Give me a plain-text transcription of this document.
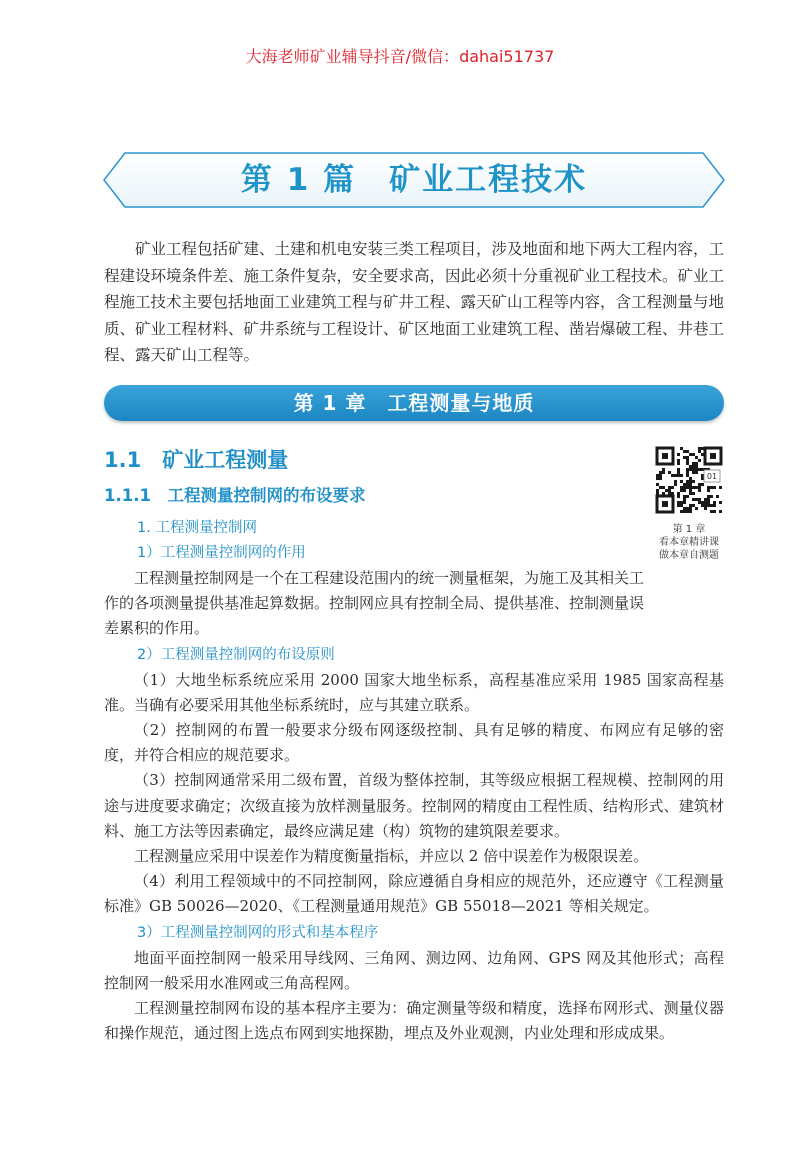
大海老师矿业辅导抖音/微信：dahai51737
第 1 篇　矿业工程技术

矿业工程包括矿建、土建和机电安装三类工程项目，涉及地面和地下两大工程内容，工程建设环境条件差、施工条件复杂，安全要求高，因此必须十分重视矿业工程技术。矿业工程施工技术主要包括地面工业建筑工程与矿井工程、露天矿山工程等内容，含工程测量与地质、矿业工程材料、矿井系统与工程设计、矿区地面工业建筑工程、凿岩爆破工程、井巷工程、露天矿山工程等。

第 1 章　工程测量与地质
1.1　矿业工程测量
1.1.1　工程测量控制网的布设要求
01
第 1 章
看本章精讲课
做本章自测题

1. 工程测量控制网

1）工程测量控制网的作用

工程测量控制网是一个在工程建设范围内的统一测量框架，为施工及其相关工作的各项测量提供基准起算数据。控制网应具有控制全局、提供基准、控制测量误差累积的作用。

2）工程测量控制网的布设原则

（1）大地坐标系统应采用 2000 国家大地坐标系，高程基准应采用 1985 国家高程基准。当确有必要采用其他坐标系统时，应与其建立联系。

（2）控制网的布置一般要求分级布网逐级控制、具有足够的精度、布网应有足够的密度，并符合相应的规范要求。

（3）控制网通常采用二级布置，首级为整体控制，其等级应根据工程规模、控制网的用途与进度要求确定；次级直接为放样测量服务。控制网的精度由工程性质、结构形式、建筑材料、施工方法等因素确定，最终应满足建（构）筑物的建筑限差要求。

工程测量应采用中误差作为精度衡量指标，并应以 2 倍中误差作为极限误差。

（4）利用工程领域中的不同控制网，除应遵循自身相应的规范外，还应遵守《工程测量标准》GB 50026—2020、《工程测量通用规范》GB 55018—2021 等相关规定。

3）工程测量控制网的形式和基本程序

地面平面控制网一般采用导线网、三角网、测边网、边角网、GPS 网及其他形式；高程控制网一般采用水准网或三角高程网。

工程测量控制网布设的基本程序主要为：确定测量等级和精度，选择布网形式、测量仪器和操作规范，通过图上选点布网到实地探勘，埋点及外业观测，内业处理和形成成果。
